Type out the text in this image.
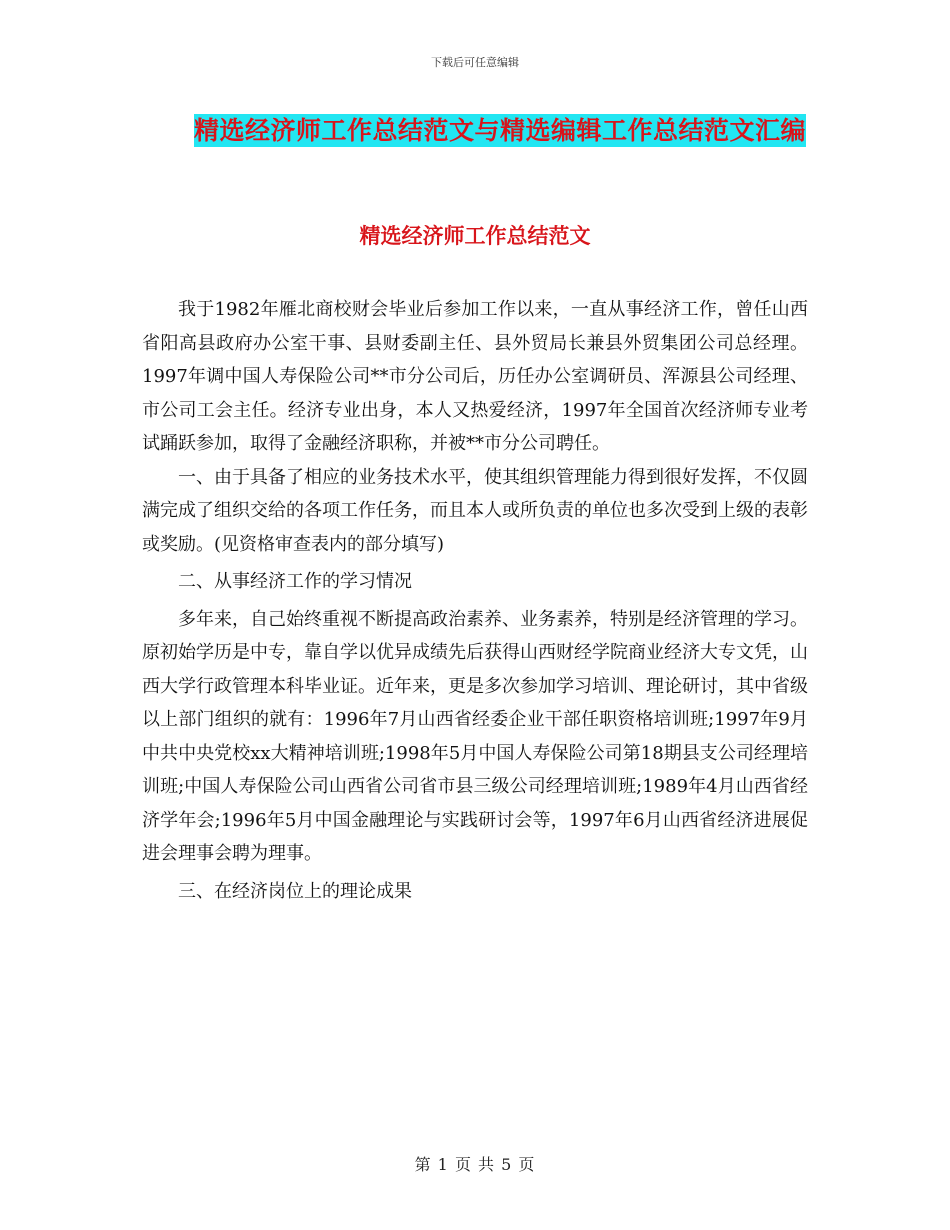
下载后可任意编辑
精选经济师工作总结范文与精选编辑工作总结范文汇编
精选经济师工作总结范文

我于1982年雁北商校财会毕业后参加工作以来，一直从事经济工作，曾任山西省阳高县政府办公室干事、县财委副主任、县外贸局长兼县外贸集团公司总经理。1997年调中国人寿保险公司**市分公司后，历任办公室调研员、浑源县公司经理、市公司工会主任。经济专业出身，本人又热爱经济，1997年全国首次经济师专业考试踊跃参加，取得了金融经济职称，并被**市分公司聘任。

一、由于具备了相应的业务技术水平，使其组织管理能力得到很好发挥，不仅圆满完成了组织交给的各项工作任务，而且本人或所负责的单位也多次受到上级的表彰或奖励。(见资格审查表内的部分填写)

二、从事经济工作的学习情况

多年来，自己始终重视不断提高政治素养、业务素养，特别是经济管理的学习。原初始学历是中专，靠自学以优异成绩先后获得山西财经学院商业经济大专文凭，山西大学行政管理本科毕业证。近年来，更是多次参加学习培训、理论研讨，其中省级以上部门组织的就有：1996年7月山西省经委企业干部任职资格培训班;1997年9月中共中央党校xx大精神培训班;1998年5月中国人寿保险公司第18期县支公司经理培训班;中国人寿保险公司山西省公司省市县三级公司经理培训班;1989年4月山西省经济学年会;1996年5月中国金融理论与实践研讨会等，1997年6月山西省经济进展促进会理事会聘为理事。

三、在经济岗位上的理论成果

第 1 页 共 5 页
